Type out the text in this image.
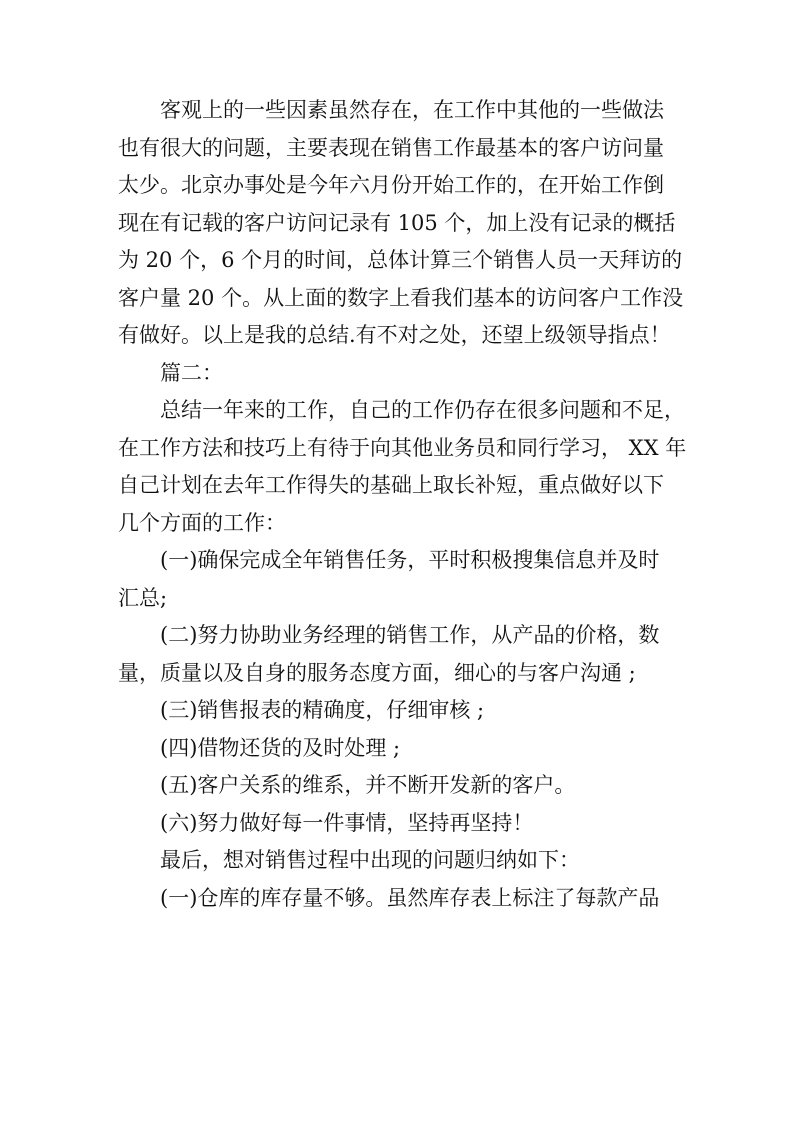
客观上的一些因素虽然存在，在工作中其他的一些做法
也有很大的问题，主要表现在销售工作最基本的客户访问量
太少。北京办事处是今年六月份开始工作的，在开始工作倒
现在有记载的客户访问记录有 105 个，加上没有记录的概括
为 20 个，6 个月的时间，总体计算三个销售人员一天拜访的
客户量 20 个。从上面的数字上看我们基本的访问客户工作没
有做好。以上是我的总结.有不对之处，还望上级领导指点！

篇二：

总结一年来的工作，自己的工作仍存在很多问题和不足，
在工作方法和技巧上有待于向其他业务员和同行学习， XX 年
自己计划在去年工作得失的基础上取长补短，重点做好以下
几个方面的工作：

(一)确保完成全年销售任务，平时积极搜集信息并及时
汇总;

(二)努力协助业务经理的销售工作，从产品的价格，数
量，质量以及自身的服务态度方面，细心的与客户沟通 ;

(三)销售报表的精确度，仔细审核 ;

(四)借物还货的及时处理 ;

(五)客户关系的维系，并不断开发新的客户。

(六)努力做好每一件事情，坚持再坚持！

最后，想对销售过程中出现的问题归纳如下：

(一)仓库的库存量不够。虽然库存表上标注了每款产品
